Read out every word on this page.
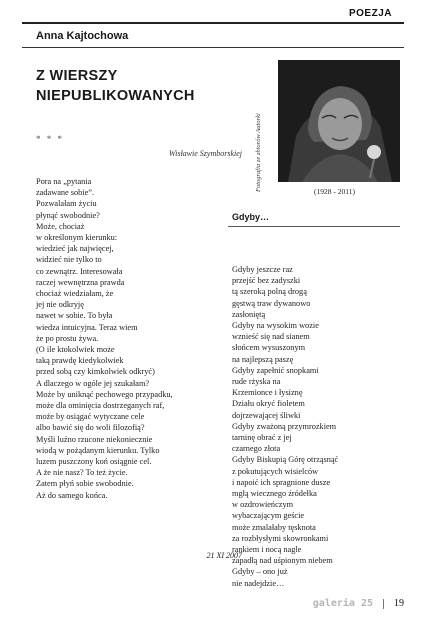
POEZJA
Anna Kajtochowa
Z WIERSZY NIEPUBLIKOWANYCH
* * *
Wisławie Szymborskiej
Pora na „pytania
zadawane sobie”.
Pozwalałam życiu
płynąć swobodnie?
Może, chociaż
w określonym kierunku:
wiedzieć jak najwięcej,
widzieć nie tylko to
co zewnątrz. Interesowała
raczej wewnętrzna prawda
chociaż wiedziałam, że
jej nie odkryję
nawet w sobie. To była
wiedza intuicyjna. Teraz wiem
że po prostu żywa.
(O ile ktokolwiek może
taką prawdę kiedykolwiek
przed sobą czy kimkolwiek odkryć)
A dlaczego w ogóle jej szukałam?
Może by uniknąć pechowego przypadku,
może dla ominięcia dostrzeganych raf,
może by osiągać wytyczane cele
albo bawić się do woli filozofią?
Myśli luźno rzucone niekoniecznie
wiodą w pożądanym kierunku. Tylko
luzem puszczony koń osiągnie cel.
A że nie nasz? To też życie.
Zatem płyń sobie swobodnie.
Aż do samego końca.
21 XI 2007
Fotografia ze zbiorów Autorki	(1928 - 2011)
Gdyby…
Gdyby jeszcze raz
przejść bez zadyszki
tą szeroką polną drogą
gęstwą traw dywanowo
zasłoniętą
Gdyby na wysokim wozie
wznieść się nad sianem
słońcem wysuszonym
na najlepszą paszę
Gdyby zapełnić snopkami
rude rżyska na
Krzemionce i łysiznę
Działu okryć fioletem
dojrzewającej śliwki
Gdyby zważoną przymrozkiem
tarninę obrać z jej
czarnego złota
Gdyby Biskupią Górę otrząsnąć
z pokutujących wisielców
i napoić ich spragnione dusze
mgłą wiecznego źródełka
w ozdrowieńczym
wybaczającym geście
może zmalałaby tęsknota
za rozbłysłymi skowronkami
rankiem i nocą nagle
zapadłą nad uśpionym niebem
Gdyby – ono już
nie nadejdzie…
galeria 25 19
